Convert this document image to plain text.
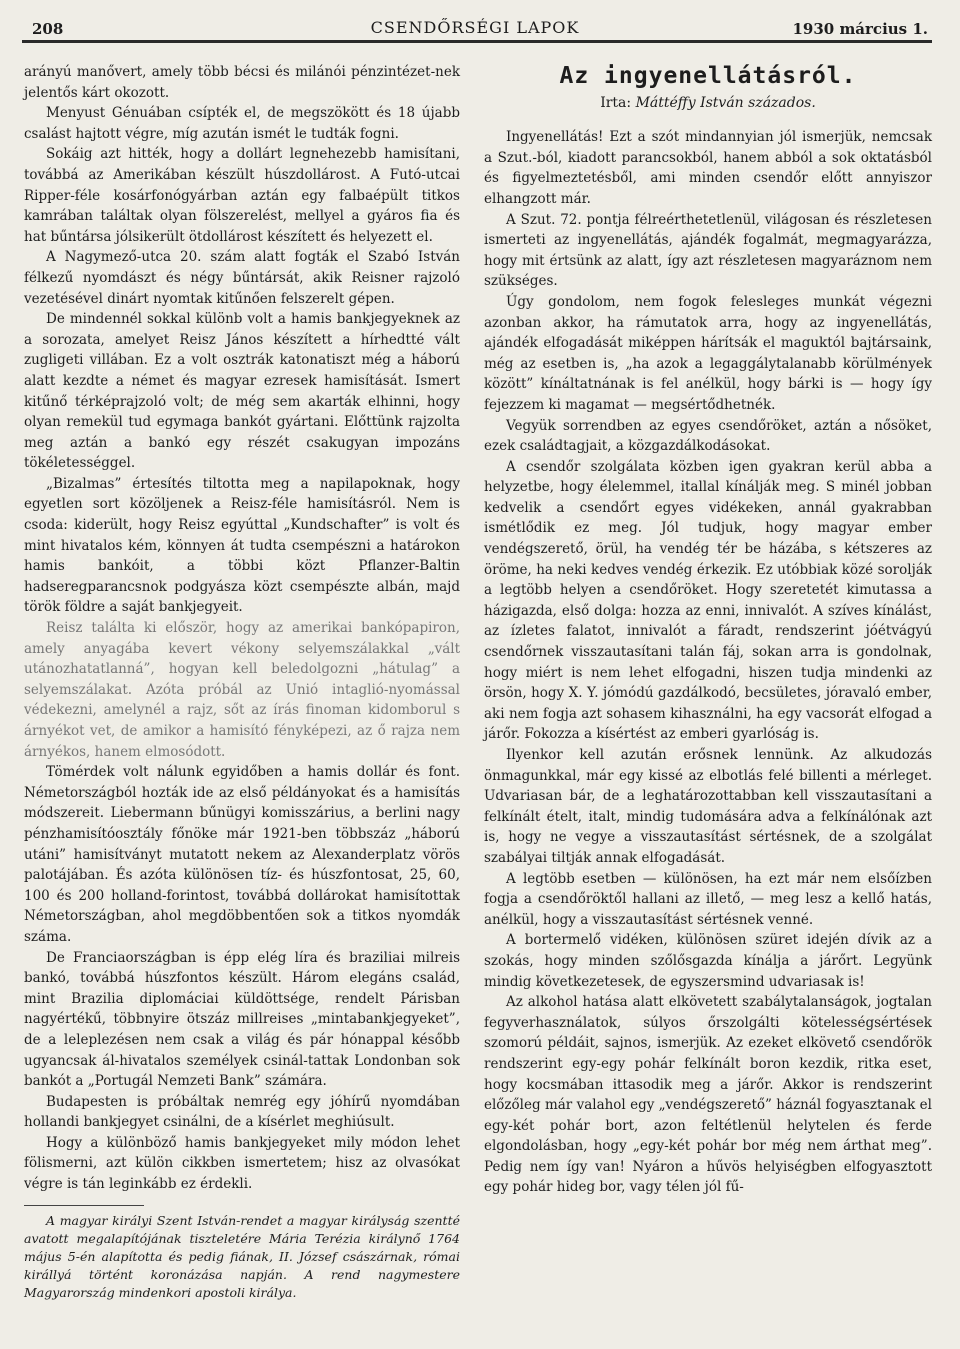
208	CSENDŐRSÉGI LAPOK	1930 március 1.

arányú manővert, amely több bécsi és milánói pénzintézet-nek jelentős kárt okozott.

Menyust Génuában csípték el, de megszökött és 18 újabb csalást hajtott végre, míg azután ismét le tudták fogni.

Sokáig azt hitték, hogy a dollárt legnehezebb hamisítani, továbbá az Amerikában készült húszdollárost. A Futó-utcai Ripper-féle kosárfonógyárban aztán egy falbaépült titkos kamrában találtak olyan fölszerelést, mellyel a gyáros fia és hat bűntársa jólsikerült ötdollárost készített és helyezett el.

A Nagymező-utca 20. szám alatt fogták el Szabó István félkezű nyomdászt és négy bűntársát, akik Reisner rajzoló vezetésével dinárt nyomtak kitűnően felszerelt gépen.

De mindennél sokkal különb volt a hamis bankjegyeknek az a sorozata, amelyet Reisz János készített a hírhedtté vált zugligeti villában. Ez a volt osztrák katonatiszt még a háború alatt kezdte a német és magyar ezresek hamisítását. Ismert kitűnő térképrajzoló volt; de még sem akarták elhinni, hogy olyan remekül tud egymaga bankót gyártani. Előttünk rajzolta meg aztán a bankó egy részét csakugyan impozáns tökéletességgel.

„Bizalmas” értesítés tiltotta meg a napilapoknak, hogy egyetlen sort közöljenek a Reisz-féle hamisításról. Nem is csoda: kiderült, hogy Reisz egyúttal „Kundschafter” is volt és mint hivatalos kém, könnyen át tudta csempészni a határokon hamis bankóit, a többi közt Pflanzer-Baltin hadseregparancsnok podgyásza közt csempészte albán, majd török földre a saját bankjegyeit.

Reisz találta ki először, hogy az amerikai bankópapiron, amely anyagába kevert vékony selyemszálakkal „vált utánozhatatlanná”, hogyan kell beledolgozni „hátulag” a selyemszálakat. Azóta próbál az Unió intaglió-nyomással védekezni, amelynél a rajz, sőt az írás finoman kidomborul s árnyékot vet, de amikor a hamisító fényképezi, az ő rajza nem árnyékos, hanem elmosódott.

Tömérdek volt nálunk egyidőben a hamis dollár és font. Németországból hozták ide az első példányokat és a hamisítás módszereit. Liebermann bűnügyi komisszárius, a berlini nagy pénzhamisítóosztály főnöke már 1921-ben többszáz „háború utáni” hamisítványt mutatott nekem az Alexanderplatz vörös palotájában. És azóta különösen tíz- és húszfontosat, 25, 60, 100 és 200 holland-forintost, továbbá dollárokat hamisítottak Németországban, ahol megdöbbentően sok a titkos nyomdák száma.

De Franciaországban is épp elég líra és braziliai milreis bankó, továbbá húszfontos készült. Három elegáns család, mint Brazilia diplomáciai küldöttsége, rendelt Párisban nagyértékű, többnyire ötszáz millreises „mintabankjegyeket”, de a leleplezésen nem csak a világ és pár hónappal később ugyancsak ál-hivatalos személyek csinál-tattak Londonban sok bankót a „Portugál Nemzeti Bank” számára.

Budapesten is próbáltak nemrég egy jóhírű nyomdában hollandi bankjegyet csinálni, de a kísérlet meghiúsult.

Hogy a különböző hamis bankjegyeket mily módon lehet fölismerni, azt külön cikkben ismertetem; hisz az olvasókat végre is tán leginkább ez érdekli.

A magyar királyi Szent István-rendet a magyar királyság szentté avatott megalapítójának tiszteletére Mária Terézia királynő 1764 május 5-én alapította és pedig fiának, II. József császárnak, római királlyá történt koronázása napján. A rend nagymestere Magyarország mindenkori apostoli királya.

Az ingyenellátásról.
Irta: Máttéffy István százados.

Ingyenellátás! Ezt a szót mindannyian jól ismerjük, nemcsak a Szut.-ból, kiadott parancsokból, hanem abból a sok oktatásból és figyelmeztetésből, ami minden csendőr előtt annyiszor elhangzott már.

A Szut. 72. pontja félreérthetetlenül, világosan és részletesen ismerteti az ingyenellátás, ajándék fogalmát, megmagyarázza, hogy mit értsünk az alatt, így azt részletesen magyaráznom nem szükséges.

Úgy gondolom, nem fogok felesleges munkát végezni azonban akkor, ha rámutatok arra, hogy az ingyenellátás, ajándék elfogadását miképpen hárítsák el maguktól bajtársaink, még az esetben is, „ha azok a legaggálytalanabb körülmények között” kínáltatnának is fel anélkül, hogy bárki is — hogy így fejezzem ki magamat — megsértődhetnék.

Vegyük sorrendben az egyes csendőröket, aztán a nősöket, ezek családtagjait, a közgazdálkodásokat.

A csendőr szolgálata közben igen gyakran kerül abba a helyzetbe, hogy élelemmel, itallal kínálják meg. S minél jobban kedvelik a csendőrt egyes vidékeken, annál gyakrabban ismétlődik ez meg. Jól tudjuk, hogy magyar ember vendégszerető, örül, ha vendég tér be házába, s kétszeres az öröme, ha neki kedves vendég érkezik. Ez utóbbiak közé sorolják a legtöbb helyen a csendőröket. Hogy szeretetét kimutassa a házigazda, első dolga: hozza az enni, innivalót. A szíves kínálást, az ízletes falatot, innivalót a fáradt, rendszerint jóétvágyú csendőrnek visszautasítani talán fáj, sokan arra is gondolnak, hogy miért is nem lehet elfogadni, hiszen tudja mindenki az örsön, hogy X. Y. jómódú gazdálkodó, becsületes, jóravaló ember, aki nem fogja azt sohasem kihasználni, ha egy vacsorát elfogad a járőr. Fokozza a kísértést az emberi gyarlóság is.

Ilyenkor kell azután erősnek lennünk. Az alkudozás önmagunkkal, már egy kissé az elbotlás felé billenti a mérleget. Udvariasan bár, de a leghatározottabban kell visszautasítani a felkínált ételt, italt, mindig tudomására adva a felkínálónak azt is, hogy ne vegye a visszautasítást sértésnek, de a szolgálat szabályai tiltják annak elfogadását.

A legtöbb esetben — különösen, ha ezt már nem elsőízben fogja a csendőröktől hallani az illető, — meg lesz a kellő hatás, anélkül, hogy a visszautasítást sértésnek venné.

A bortermelő vidéken, különösen szüret idején dívik az a szokás, hogy minden szőlősgazda kínálja a járőrt. Legyünk mindig következetesek, de egyszersmind udvariasak is!

Az alkohol hatása alatt elkövetett szabálytalanságok, jogtalan fegyverhasználatok, súlyos őrszolgálti kötelességsértések szomorú példáit, sajnos, ismerjük. Az ezeket elkövető csendőrök rendszerint egy-egy pohár felkínált boron kezdik, ritka eset, hogy kocsmában ittasodik meg a járőr. Akkor is rendszerint előzőleg már valahol egy „vendégszerető” háznál fogyasztanak el egy-két pohár bort, azon feltétlenül helytelen és ferde elgondolásban, hogy „egy-két pohár bor még nem árthat meg”. Pedig nem így van! Nyáron a hűvös helyiségben elfogyasztott egy pohár hideg bor, vagy télen jól fű-
